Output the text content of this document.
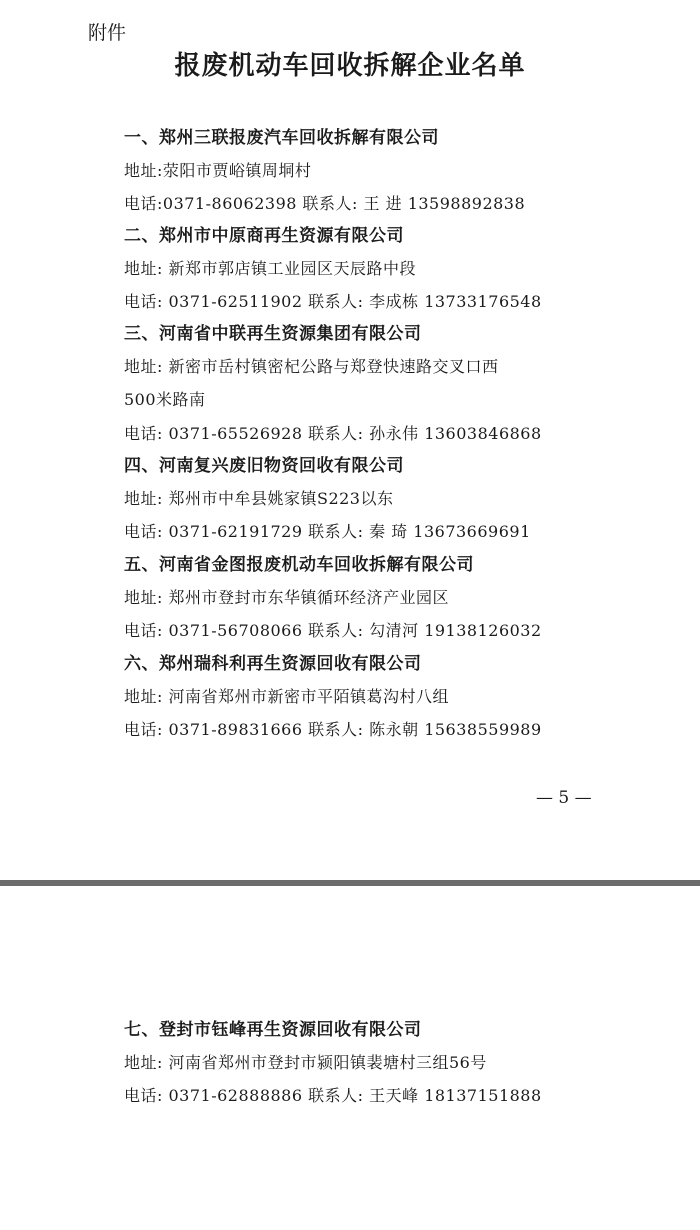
附件
报废机动车回收拆解企业名单
一、郑州三联报废汽车回收拆解有限公司
地址:荥阳市贾峪镇周垌村
电话:0371-86062398 联系人: 王 进 13598892838
二、郑州市中原商再生资源有限公司
地址: 新郑市郭店镇工业园区天辰路中段
电话: 0371-62511902 联系人: 李成栋 13733176548
三、河南省中联再生资源集团有限公司
地址: 新密市岳村镇密杞公路与郑登快速路交叉口西
500米路南
电话: 0371-65526928 联系人: 孙永伟 13603846868
四、河南复兴废旧物资回收有限公司
地址: 郑州市中牟县姚家镇S223以东
电话: 0371-62191729 联系人: 秦 琦 13673669691
五、河南省金图报废机动车回收拆解有限公司
地址: 郑州市登封市东华镇循环经济产业园区
电话: 0371-56708066 联系人: 勾清河 19138126032
六、郑州瑞科利再生资源回收有限公司
地址: 河南省郑州市新密市平陌镇葛沟村八组
电话: 0371-89831666 联系人: 陈永朝 15638559989
— 5 —
七、登封市钰峰再生资源回收有限公司
地址: 河南省郑州市登封市颍阳镇裴塘村三组56号
电话: 0371-62888886 联系人: 王天峰 18137151888
